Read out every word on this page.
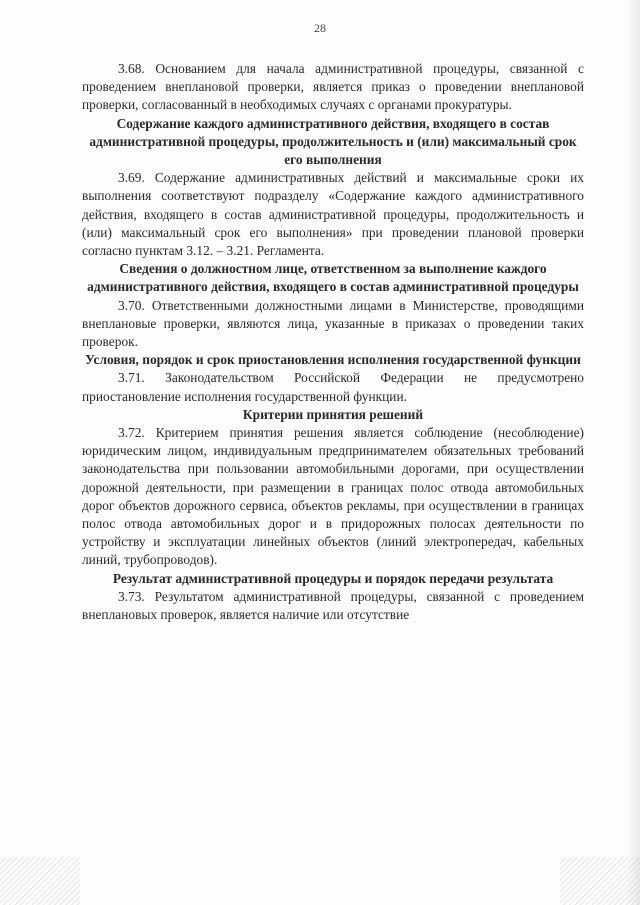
28

3.68. Основанием для начала административной процедуры, связанной с проведением внеплановой проверки, является приказ о проведении внеплановой проверки, согласованный в необходимых случаях с органами прокуратуры.

Содержание каждого административного действия, входящего в состав административной процедуры, продолжительность и (или) максимальный срок его выполнения

3.69. Содержание административных действий и максимальные сроки их выполнения соответствуют подразделу «Содержание каждого административного действия, входящего в состав административной процедуры, продолжительность и (или) максимальный срок его выполнения» при проведении плановой проверки согласно пунктам 3.12. – 3.21. Регламента.

Сведения о должностном лице, ответственном за выполнение каждого административного действия, входящего в состав административной процедуры

3.70. Ответственными должностными лицами в Министерстве, проводящими внеплановые проверки, являются лица, указанные в приказах о проведении таких проверок.

Условия, порядок и срок приостановления исполнения государственной функции

3.71. Законодательством Российской Федерации не предусмотрено приостановление исполнения государственной функции.

Критерии принятия решений

3.72. Критерием принятия решения является соблюдение (несоблюдение) юридическим лицом, индивидуальным предпринимателем обязательных требований законодательства при пользовании автомобильными дорогами, при осуществлении дорожной деятельности, при размещении в границах полос отвода автомобильных дорог объектов дорожного сервиса, объектов рекламы, при осуществлении в границах полос отвода автомобильных дорог и в придорожных полосах деятельности по устройству и эксплуатации линейных объектов (линий электропередач, кабельных линий, трубопроводов).

Результат административной процедуры и порядок передачи результата

3.73. Результатом административной процедуры, связанной с проведением внеплановых проверок, является наличие или отсутствие
